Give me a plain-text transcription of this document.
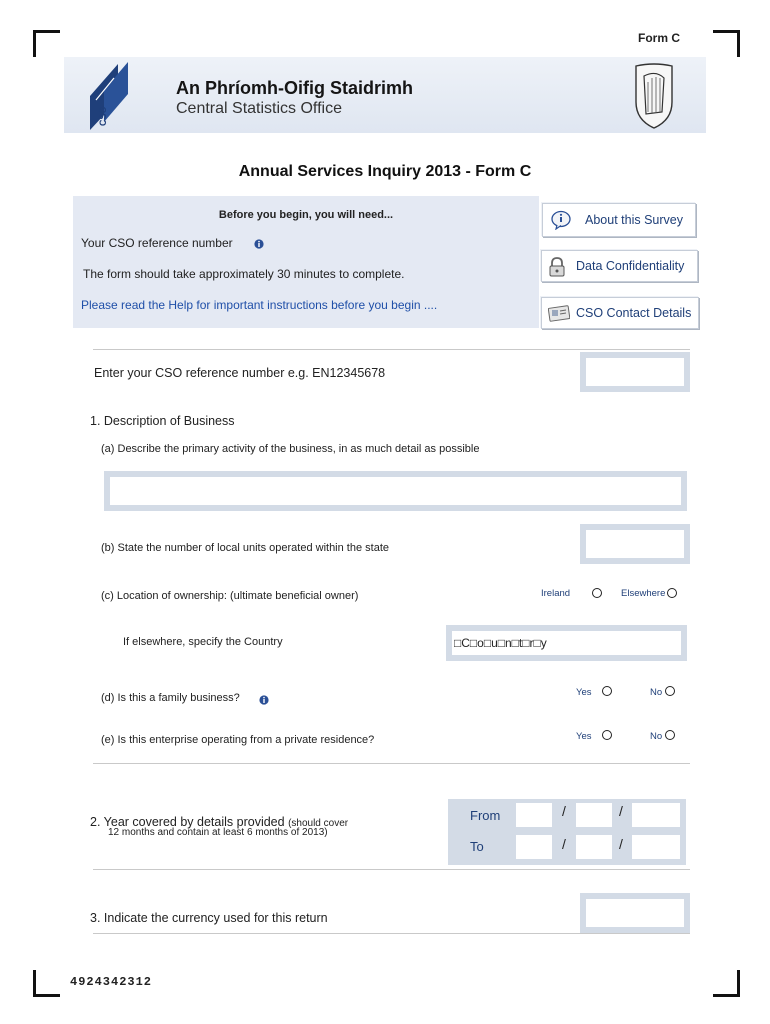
Form C
CSO
An Phríomh-Oifig Staidrimh
Central Statistics Office
Annual Services Inquiry 2013 - Form C
Before you begin, you will need...
Your CSO reference number
The form should take approximately 30 minutes to complete.
Please read the Help for important instructions before you begin ....
About this Survey
Data Confidentiality
CSO Contact Details
Enter your CSO reference number e.g. EN12345678
1. Description of Business
(a) Describe the primary activity of the business, in as much detail as possible
(b) State the number of local units operated within the state
(c) Location of ownership: (ultimate beneficial owner)	Ireland	Elsewhere
If elsewhere, specify the Country	□C□o□u□n□t□r□y
(d) Is this a family business?	Yes	No
(e) Is this enterprise operating from a private residence?	Yes	No
2. Year covered by details provided (should cover
12 months and contain at least 6 months of 2013)
From	/	/
To	/	/
3. Indicate the currency used for this return
4924342312
